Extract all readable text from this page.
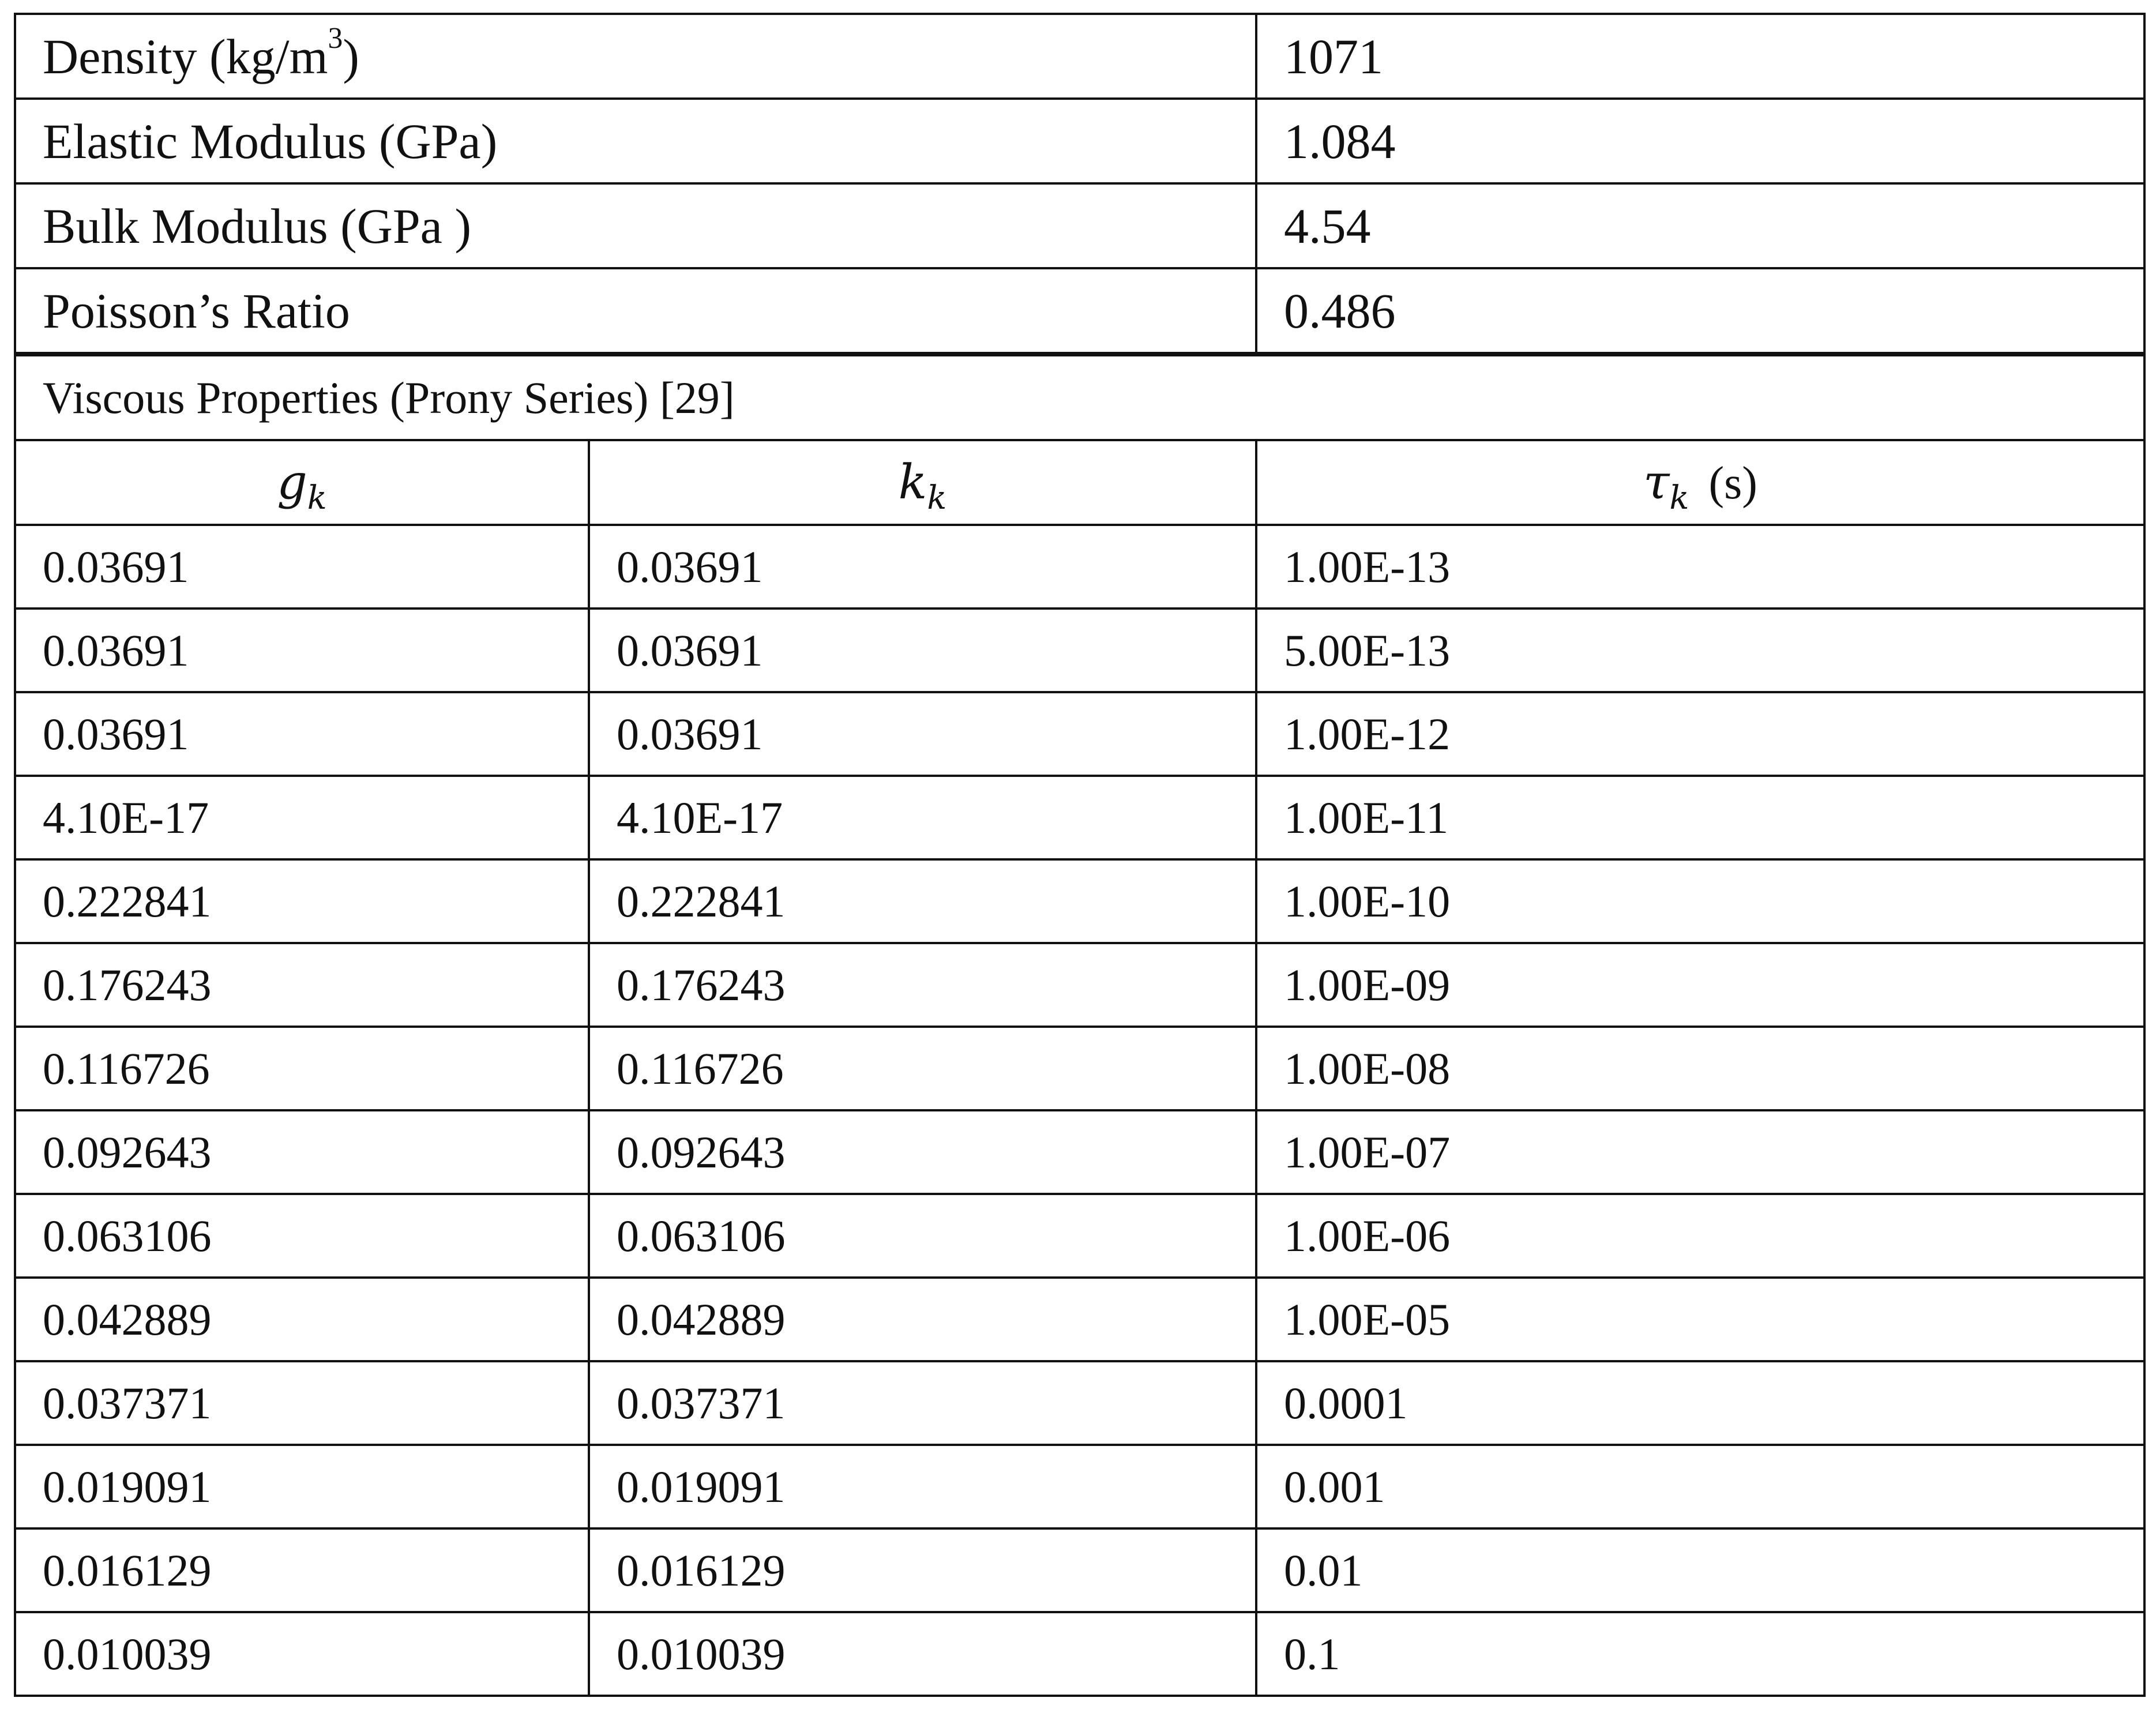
Density $(kg/m^3)$		1071
Elastic Modulus (GPa)		1.084
Bulk Modulus (GPa )		4.54
Poisson’s Ratio		0.486
Viscous Properties (Prony Series) [29]		
$g_k$	$k_k$	$\tau_k$ (s)
0.03691	0.03691	1.00E-13
0.03691	0.03691	5.00E-13
0.03691	0.03691	1.00E-12
4.10E-17	4.10E-17	1.00E-11
0.222841	0.222841	1.00E-10
0.176243	0.176243	1.00E-09
0.116726	0.116726	1.00E-08
0.092643	0.092643	1.00E-07
0.063106	0.063106	1.00E-06
0.042889	0.042889	1.00E-05
0.037371	0.037371	0.0001
0.019091	0.019091	0.001
0.016129	0.016129	0.01
0.010039	0.010039	0.1
